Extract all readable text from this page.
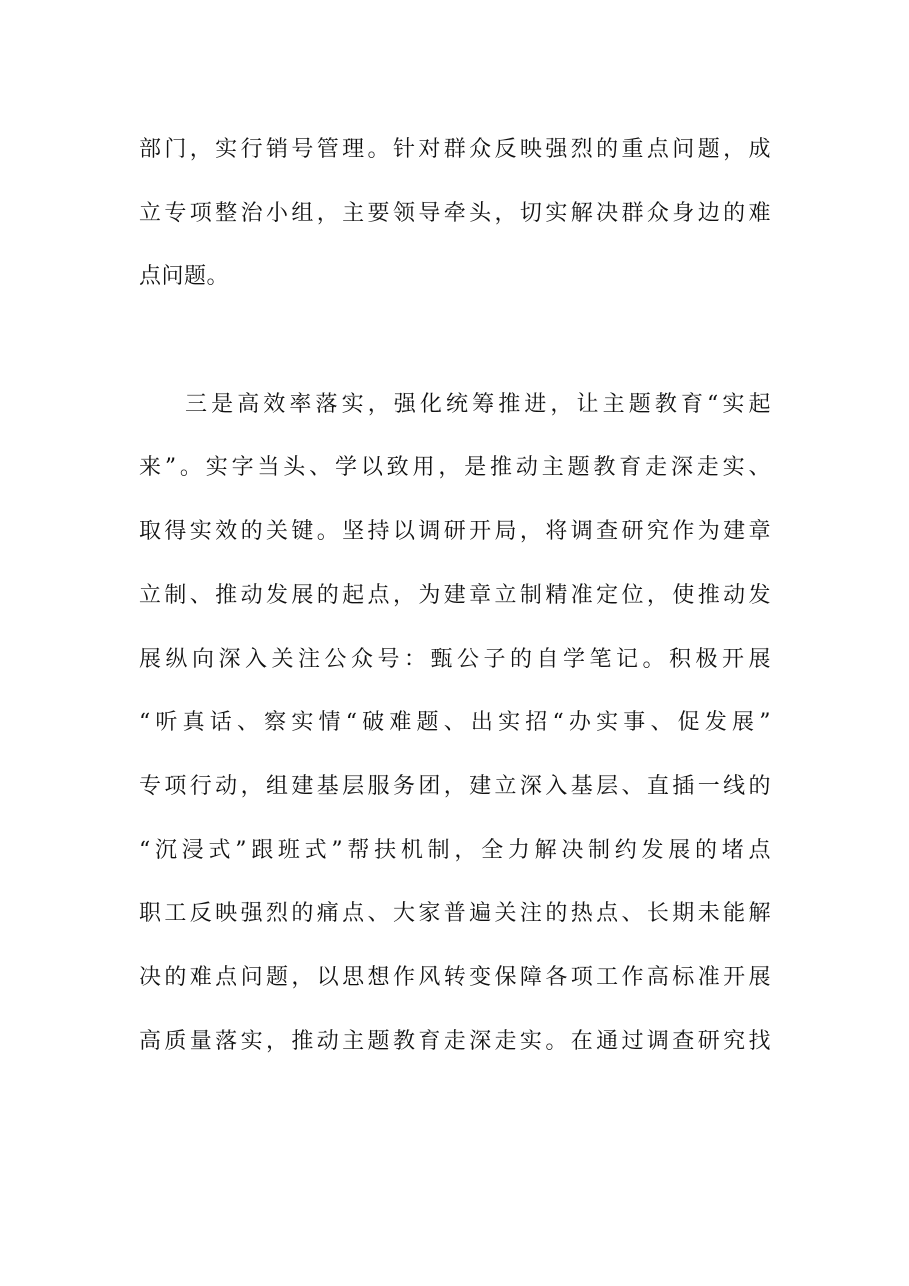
部门，实行销号管理。针对群众反映强烈的重点问题，成
立专项整治小组，主要领导牵头，切实解决群众身边的难
点问题。
三是高效率落实，强化统筹推进，让主题教育“实起
来”。实字当头、学以致用，是推动主题教育走深走实、
取得实效的关键。坚持以调研开局，将调查研究作为建章
立制、推动发展的起点，为建章立制精准定位，使推动发
展纵向深入关注公众号：甄公子的自学笔记。积极开展
“听真话、察实情“破难题、出实招“办实事、促发展”
专项行动，组建基层服务团，建立深入基层、直插一线的
“沉浸式”跟班式”帮扶机制，全力解决制约发展的堵点
职工反映强烈的痛点、大家普遍关注的热点、长期未能解
决的难点问题，以思想作风转变保障各项工作高标准开展
高质量落实，推动主题教育走深走实。在通过调查研究找
